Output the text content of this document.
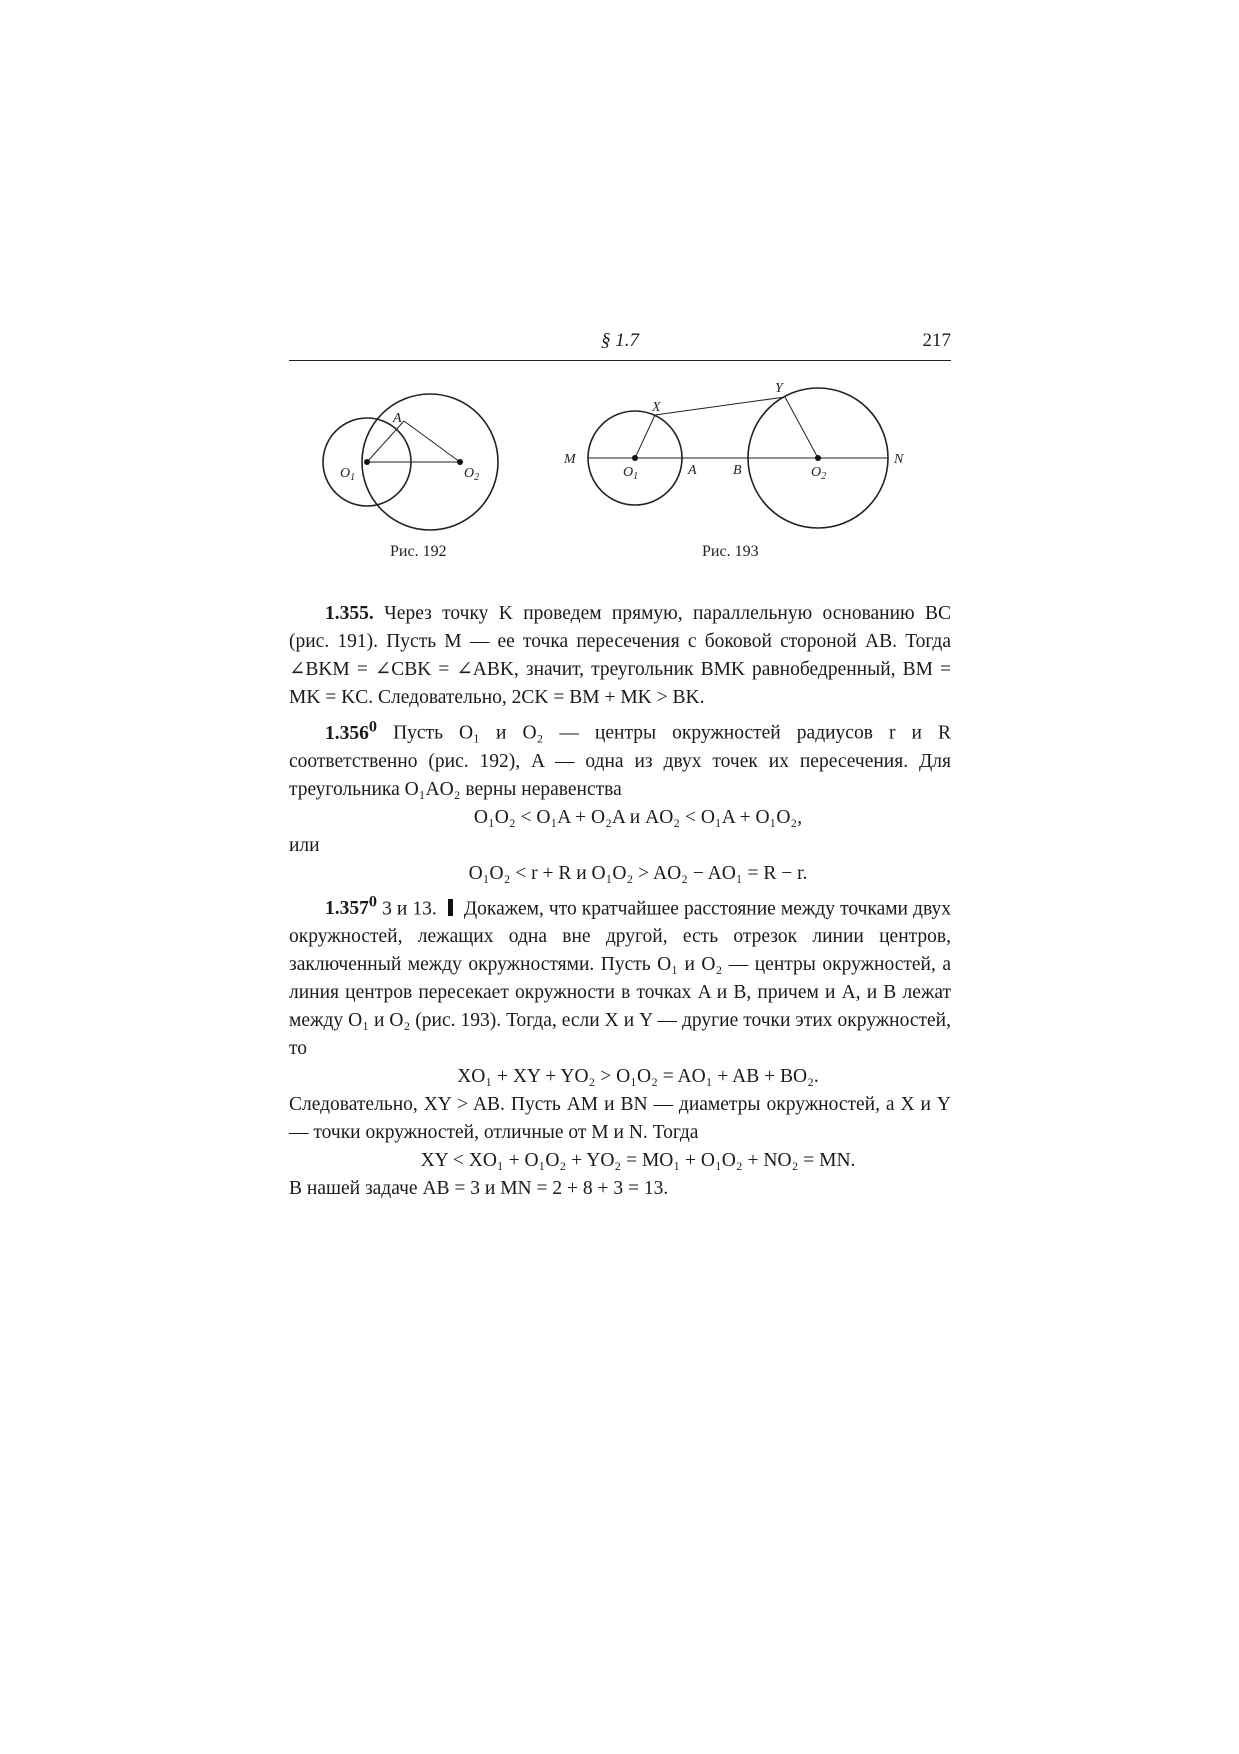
§ 1.7	217
A
$O_1$	$O_2$
Рис. 192
M	N
X
Y
A	B
$O_1$	$O_2$
Рис. 193

1.355. Через точку K проведем прямую, параллельную основанию BC (рис. 191). Пусть M — ее точка пересечения с боковой стороной AB. Тогда ∠BKM = ∠CBK = ∠ABK, значит, треугольник BMK равнобедренный, BM = MK = KC. Следовательно, 2CK = BM + MK > BK.

1.356$^0$ Пусть O₁ и O₂ — центры окружностей радиусов r и R соответственно (рис. 192), A — одна из двух точек их пересечения. Для треугольника O₁AO₂ верны неравенства

O₁O₂ < O₁A + O₂A и AO₂ < O₁A + O₁O₂,

или

O₁O₂ < r + R и O₁O₂ > AO₂ − AO₁ = R − r.

1.357$^0$ 3 и 13. Докажем, что кратчайшее расстояние между точками двух окружностей, лежащих одна вне другой, есть отрезок линии центров, заключенный между окружностями. Пусть O₁ и O₂ — центры окружностей, а линия центров пересекает окружности в точках A и B, причем и A, и B лежат между O₁ и O₂ (рис. 193). Тогда, если X и Y — другие точки этих окружностей, то

XO₁ + XY + YO₂ > O₁O₂ = AO₁ + AB + BO₂.

Следовательно, XY > AB. Пусть AM и BN — диаметры окружностей, а X и Y — точки окружностей, отличные от M и N. Тогда

XY < XO₁ + O₁O₂ + YO₂ = MO₁ + O₁O₂ + NO₂ = MN.

В нашей задаче AB = 3 и MN = 2 + 8 + 3 = 13.
